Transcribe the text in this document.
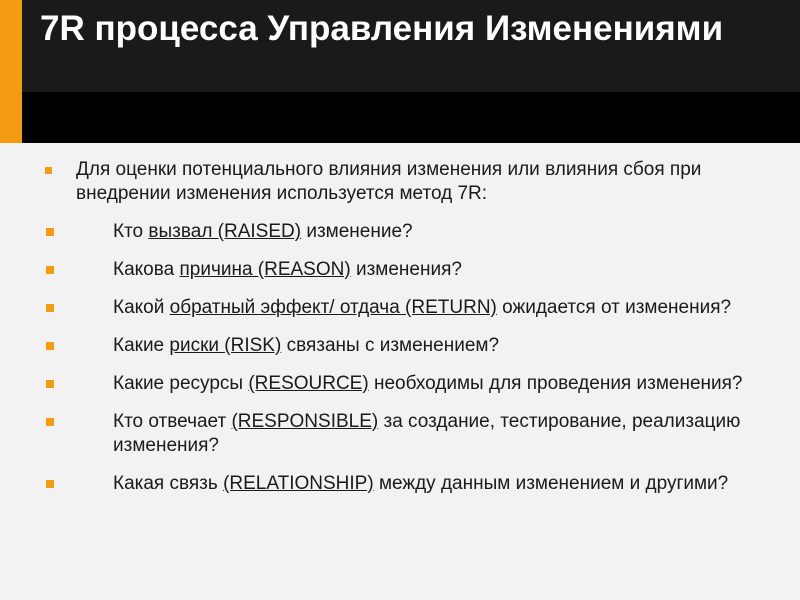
7R процесса Управления Изменениями

Для оценки потенциального влияния изменения или влияния сбоя при внедрении изменения используется метод 7R:

Кто вызвал (RAISED) изменение?
Какова причина (REASON) изменения?
Какой обратный эффект/ отдача (RETURN) ожидается от изменения?
Какие риски (RISK) связаны с изменением?
Какие ресурсы (RESOURCE) необходимы для проведения изменения?
Кто отвечает (RESPONSIBLE) за создание, тестирование, реализацию изменения?
Какая связь (RELATIONSHIP) между данным изменением и другими?
